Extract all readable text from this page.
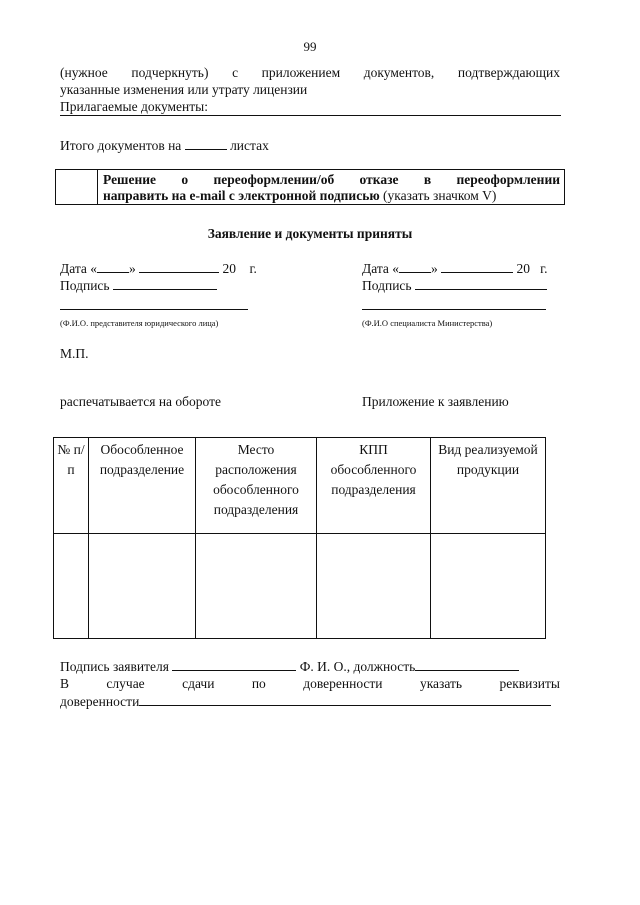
99
(нужное подчеркнуть) с приложением документов, подтверждающих
указанные изменения или утрату лицензии
Прилагаемые документы:
Итого документов на	листах
Решение о переоформлении/об отказе в переоформлении
направить на e-mail с электронной подписью (указать значком V)
Заявление и документы приняты
Дата « »	20 г.
Подпись
(Ф.И.О. представителя юридического лица)
Дата « »	20 г.
Подпись
(Ф.И.О специалиста Министерства)
М.П.
распечатывается на обороте	Приложение к заявлению
№ п/п	Обособленное подразделение	Место расположения обособленного подразделения	КПП обособленного подразделения	Вид реализуемой продукции

Подпись заявителя	Ф. И. О., должность
В	случае	сдачи	по	доверенности	указать	реквизиты
доверенности
